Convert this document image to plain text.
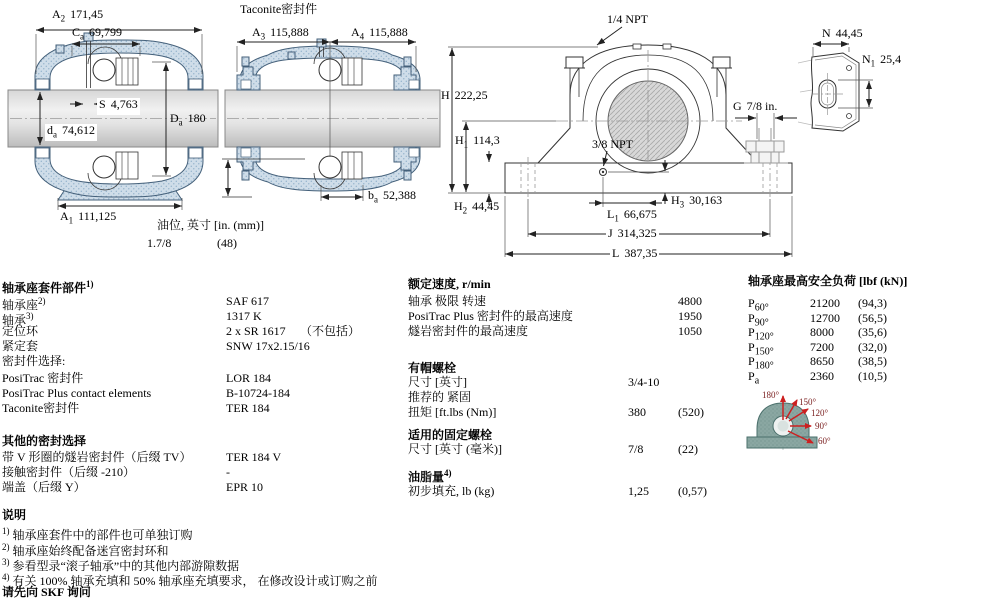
$A_2$ 171,45
$C_a$ 69,799
S 4,763
$d_a$ 74,612
$D_a$ 180
$A_1$ 111,125
Taconite密封件
$A_3$ 115,888	$A_4$ 115,888
$b_a$ 52,388
油位, 英寸 [in. (mm)]
1.7/8	(48)
1/4 NPT
H 222,25
$H_1$ 114,3	3/8 NPT
G 7/8 in.
$H_2$ 44,45	$H_3$ 30,163
$L_1$ 66,675
J 314,325
L 387,35
N 44,45
$N_1$ 25,4
轴承座套件部件$^{1)}$
轴承座$^{2)}$	SAF 617
轴承$^{3)}$	1317 K
定位环	2 x SR 1617 （不包括）
紧定套	SNW 17x2.15/16
密封件选择:
PosiTrac 密封件	LOR 184
PosiTrac Plus contact elements	B-10724-184
Taconite密封件	TER 184
其他的密封选择
带 V 形圈的燧岩密封件（后缀 TV）	TER 184 V
接触密封件（后缀 -210）	-
端盖（后缀 Y）	EPR 10
额定速度, r/min
轴承 极限 转速	4800
PosiTrac Plus 密封件的最高速度	1950
燧岩密封件的最高速度	1050
有帽螺栓
尺寸 [英寸]	3/4-10
推荐的 紧固
扭矩 [ft.lbs (Nm)]	380	(520)
适用的固定螺栓
尺寸 [英寸 (毫米)]	7/8	(22)
油脂量$^{4)}$
初步填充, lb (kg)	1,25 (0,57)
轴承座最高安全负荷 [lbf (kN)]
$P_{60^\circ}$	21200 (94,3)
$P_{90^\circ}$	12700 (56,5)
$P_{120^\circ}$	8000 (35,6)
$P_{150^\circ}$	7200 (32,0)
$P_{180^\circ}$	8650 (38,5)
$P_a$	2360 (10,5)
180°
150°
120°
90°
60°
说明
$^{1)}$ 轴承座套件中的部件也可单独订购
$^{2)}$ 轴承座始终配备迷宫密封环和
$^{3)}$ 参看型录“滚子轴承”中的其他内部游隙数据
$^{4)}$ 有关 100% 轴承充填和 50% 轴承座充填要求， 在修改设计或订购之前
请先向 SKF 询问
